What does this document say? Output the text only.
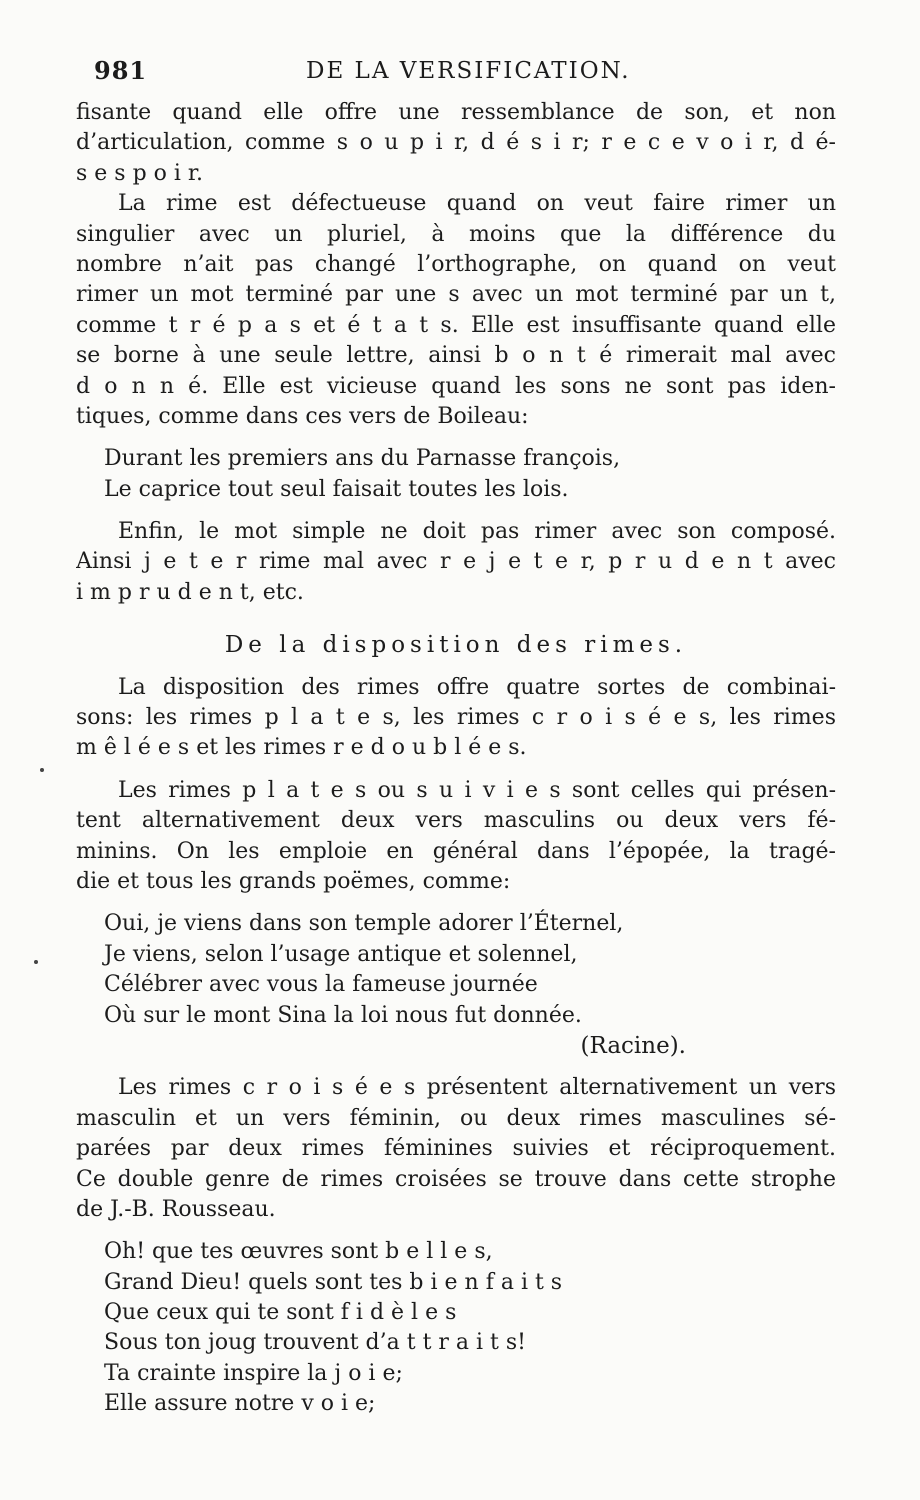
981	DE LA VERSIFICATION.
fisante quand elle offre une ressemblance de son, et non
d’articulation, comme s o u p i r, d é s i r; r e c e v o i r, d é-
s e s p o i r.
La rime est défectueuse quand on veut faire rimer un
singulier avec un pluriel, à moins que la différence du
nombre n’ait pas changé l’orthographe, on quand on veut
rimer un mot terminé par une s avec un mot terminé par un t,
comme t r é p a s et é t a t s. Elle est insuffisante quand elle
se borne à une seule lettre, ainsi b o n t é rimerait mal avec
d o n n é. Elle est vicieuse quand les sons ne sont pas iden-
tiques, comme dans ces vers de Boileau:
Durant les premiers ans du Parnasse françois,
Le caprice tout seul faisait toutes les lois.
Enfin, le mot simple ne doit pas rimer avec son composé.
Ainsi j e t e r rime mal avec r e j e t e r, p r u d e n t avec
i m p r u d e n t, etc.
De la disposition des rimes.
La disposition des rimes offre quatre sortes de combinai-
sons: les rimes p l a t e s, les rimes c r o i s é e s, les rimes
m ê l é e s et les rimes r e d o u b l é e s.
Les rimes p l a t e s ou s u i v i e s sont celles qui présen-
tent alternativement deux vers masculins ou deux vers fé-
minins. On les emploie en général dans l’épopée, la tragé-
die et tous les grands poëmes, comme:
Oui, je viens dans son temple adorer l’Éternel,
Je viens, selon l’usage antique et solennel,
Célébrer avec vous la fameuse journée
Où sur le mont Sina la loi nous fut donnée.
(Racine).
Les rimes c r o i s é e s présentent alternativement un vers
masculin et un vers féminin, ou deux rimes masculines sé-
parées par deux rimes féminines suivies et réciproquement.
Ce double genre de rimes croisées se trouve dans cette strophe
de J.-B. Rousseau.
Oh! que tes œuvres sont b e l l e s,
Grand Dieu! quels sont tes b i e n f a i t s
Que ceux qui te sont f i d è l e s
Sous ton joug trouvent d’a t t r a i t s!
Ta crainte inspire la j o i e;
Elle assure notre v o i e;
